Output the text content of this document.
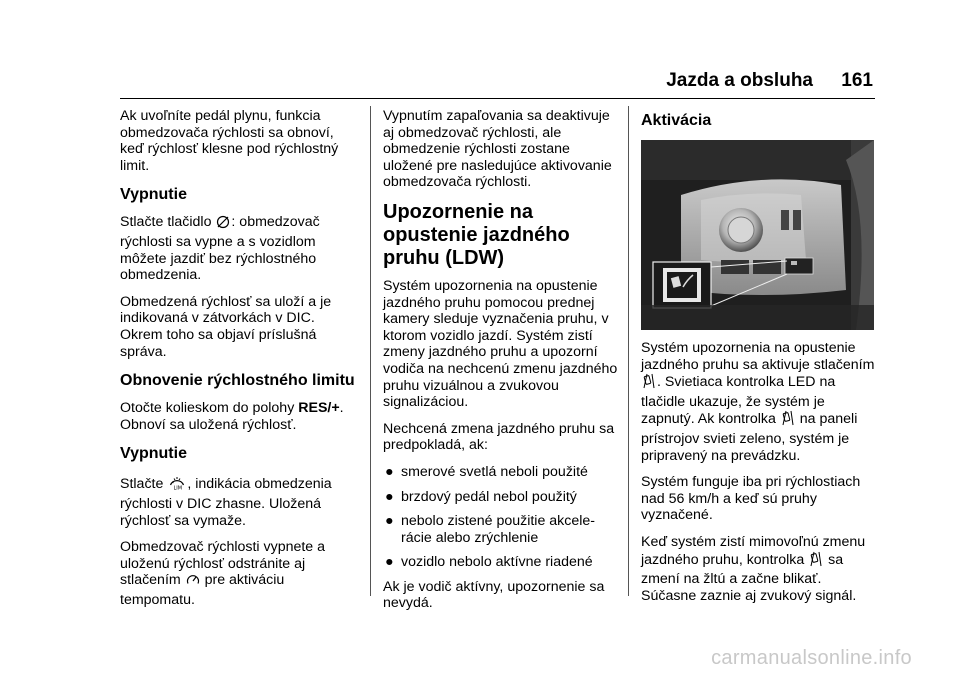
Jazda a obsluha 161

Ak uvoľníte pedál plynu, funkcia obmedzovača rýchlosti sa obnoví, keď rýchlosť klesne pod rýchlostný limit.

Vypnutie

Stlačte tlačidlo : obmedzovač rýchlosti sa vypne a s vozidlom môžete jazdiť bez rýchlostného obmedzenia.

Obmedzená rýchlosť sa uloží a je indikovaná v zátvorkách v DIC. Okrem toho sa objaví príslušná správa.

Obnovenie rýchlostného limitu

Otočte kolieskom do polohy RES/+. Obnoví sa uložená rýchlosť.

Vypnutie

Stlačte LIM , indikácia obmedzenia rýchlosti v DIC zhasne. Uložená rýchlosť sa vymaže.

Obmedzovač rýchlosti vypnete a uloženú rýchlosť odstránite aj stlačením  pre aktiváciu tempomatu.

Vypnutím zapaľovania sa deaktivuje aj obmedzovač rýchlosti, ale obmedzenie rýchlosti zostane uložené pre nasledujúce aktivovanie obmedzovača rýchlosti.

Upozornenie na opustenie jazdného pruhu (LDW)

Systém upozornenia na opustenie jazdného pruhu pomocou prednej kamery sleduje vyznačenia pruhu, v ktorom vozidlo jazdí. Systém zistí zmeny jazdného pruhu a upozorní vodiča na nechcenú zmenu jazdného pruhu vizuálnou a zvukovou signalizáciou.

Nechcená zmena jazdného pruhu sa predpokladá, ak:

● smerové svetlá neboli použité
● brzdový pedál nebol použitý
● nebolo zistené použitie akcele-rácie alebo zrýchlenie
● vozidlo nebolo aktívne riadené

Ak je vodič aktívny, upozornenie sa nevydá.

Aktivácia

Systém upozornenia na opustenie jazdného pruhu sa aktivuje stlačením . Svietiaca kontrolka LED na tlačidle ukazuje, že systém je zapnutý. Ak kontrolka  na paneli prístrojov svieti zeleno, systém je pripravený na prevádzku.

Systém funguje iba pri rýchlostiach nad 56 km/h a keď sú pruhy vyznačené.

Keď systém zistí mimovoľnú zmenu jazdného pruhu, kontrolka  sa zmení na žltú a začne blikať. Súčasne zaznie aj zvukový signál.

carmanualsonline.info
